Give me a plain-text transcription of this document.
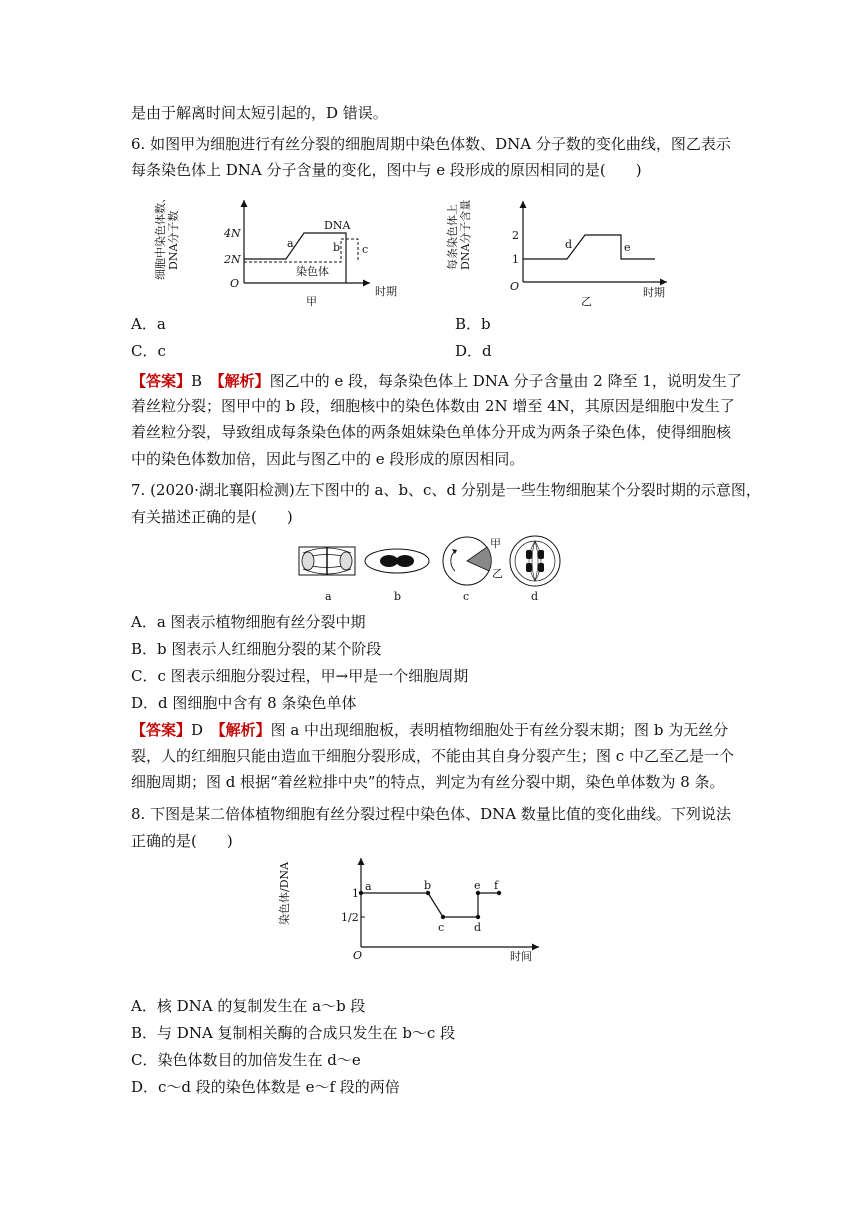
是由于解离时间太短引起的，D 错误。
6. 如图甲为细胞进行有丝分裂的细胞周期中染色体数、DNA 分子数的变化曲线，图乙表示
每条染色体上 DNA 分子含量的变化，图中与 e 段形成的原因相同的是(　　)
细胞中染色体数、 DNA分子数	4N
2N
O
DNA
染色体
a	b c
时期
甲
每条染色体上 DNA分子含量	2
1
O
d	e
时期
乙
A．a	B．b
C．c	D．d
【答案】B　 【解析】图乙中的 e 段，每条染色体上 DNA 分子含量由 2 降至 1，说明发生了
着丝粒分裂；图甲中的 b 段，细胞核中的染色体数由 2N 增至 4N，其原因是细胞中发生了
着丝粒分裂，导致组成每条染色体的两条姐妹染色单体分开成为两条子染色体，使得细胞核
中的染色体数加倍，因此与图乙中的 e 段形成的原因相同。
7. (2020·湖北襄阳检测)左下图中的 a、b、c、d 分别是一些生物细胞某个分裂时期的示意图，
有关描述正确的是(　　)
甲
乙
a	b	c	d
A．a 图表示植物细胞有丝分裂中期
B．b 图表示人红细胞分裂的某个阶段
C．c 图表示细胞分裂过程，甲→甲是一个细胞周期
D．d 图细胞中含有 8 条染色单体
【答案】D　 【解析】图 a 中出现细胞板，表明植物细胞处于有丝分裂末期；图 b 为无丝分
裂，人的红细胞只能由造血干细胞分裂形成，不能由其自身分裂产生；图 c 中乙至乙是一个
细胞周期；图 d 根据“着丝粒排中央”的特点，判定为有丝分裂中期，染色单体数为 8 条。
8. 下图是某二倍体植物细胞有丝分裂过程中染色体、DNA 数量比值的变化曲线。下列说法
正确的是(　　)
染色体/DNA	1
1/2
O
a	b
c	d
e f
时间
A．核 DNA 的复制发生在 a～b 段
B．与 DNA 复制相关酶的合成只发生在 b～c 段
C．染色体数目的加倍发生在 d～e
D．c～d 段的染色体数是 e～f 段的两倍
